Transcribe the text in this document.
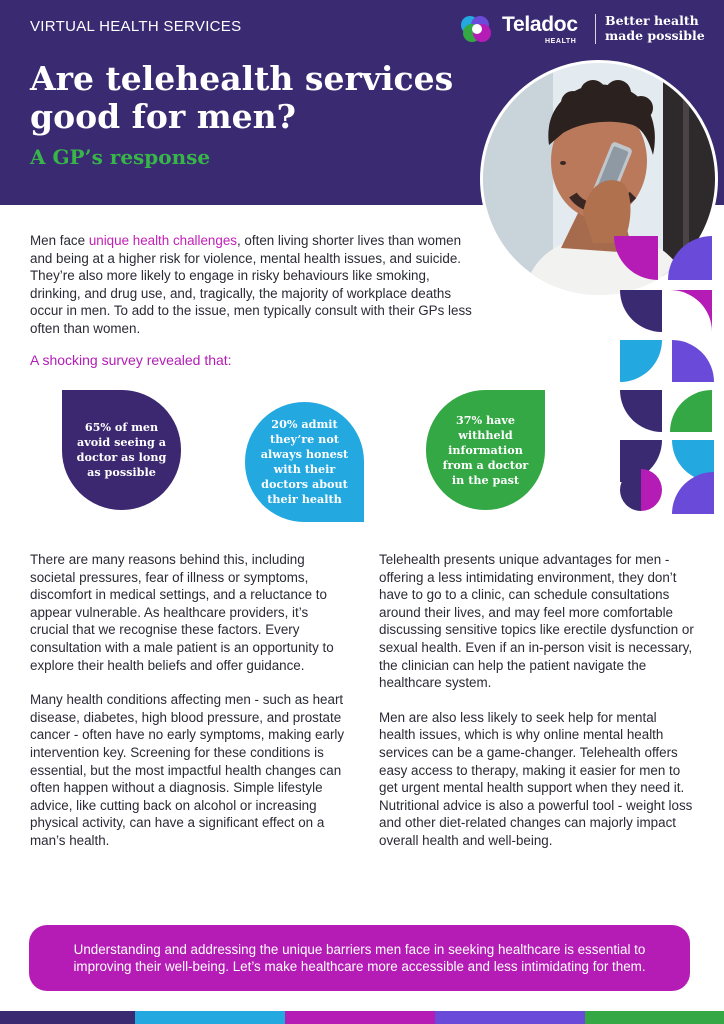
VIRTUAL HEALTH SERVICES
Are telehealth services good for men?
A GP’s response
Teladoc
HEALTH
Better health made possible

Men face unique health challenges, often living shorter lives than women and being at a higher risk for violence, mental health issues, and suicide. They’re also more likely to engage in risky behaviours like smoking, drinking, and drug use, and, tragically, the majority of workplace deaths occur in men. To add to the issue, men typically consult with their GPs less often than women.

A shocking survey revealed that:
65% of men avoid seeing a doctor as long as possible
20% admit they’re not always honest with their doctors about their health
37% have withheld information from a doctor in the past

There are many reasons behind this, including societal pressures, fear of illness or symptoms, discomfort in medical settings, and a reluctance to appear vulnerable. As healthcare providers, it’s crucial that we recognise these factors. Every consultation with a male patient is an opportunity to explore their health beliefs and offer guidance.

Many health conditions affecting men - such as heart disease, diabetes, high blood pressure, and prostate cancer - often have no early symptoms, making early intervention key. Screening for these conditions is essential, but the most impactful health changes can often happen without a diagnosis. Simple lifestyle advice, like cutting back on alcohol or increasing physical activity, can have a significant effect on a man’s health.

Telehealth presents unique advantages for men - offering a less intimidating environment, they don’t have to go to a clinic, can schedule consultations around their lives, and may feel more comfortable discussing sensitive topics like erectile dysfunction or sexual health. Even if an in-person visit is necessary, the clinician can help the patient navigate the healthcare system.

Men are also less likely to seek help for mental health issues, which is why online mental health services can be a game-changer. Telehealth offers easy access to therapy, making it easier for men to get urgent mental health support when they need it. Nutritional advice is also a powerful tool - weight loss and other diet-related changes can majorly impact overall health and well-being.

Understanding and addressing the unique barriers men face in seeking healthcare is essential to improving their well-being. Let’s make healthcare more accessible and less intimidating for them.
